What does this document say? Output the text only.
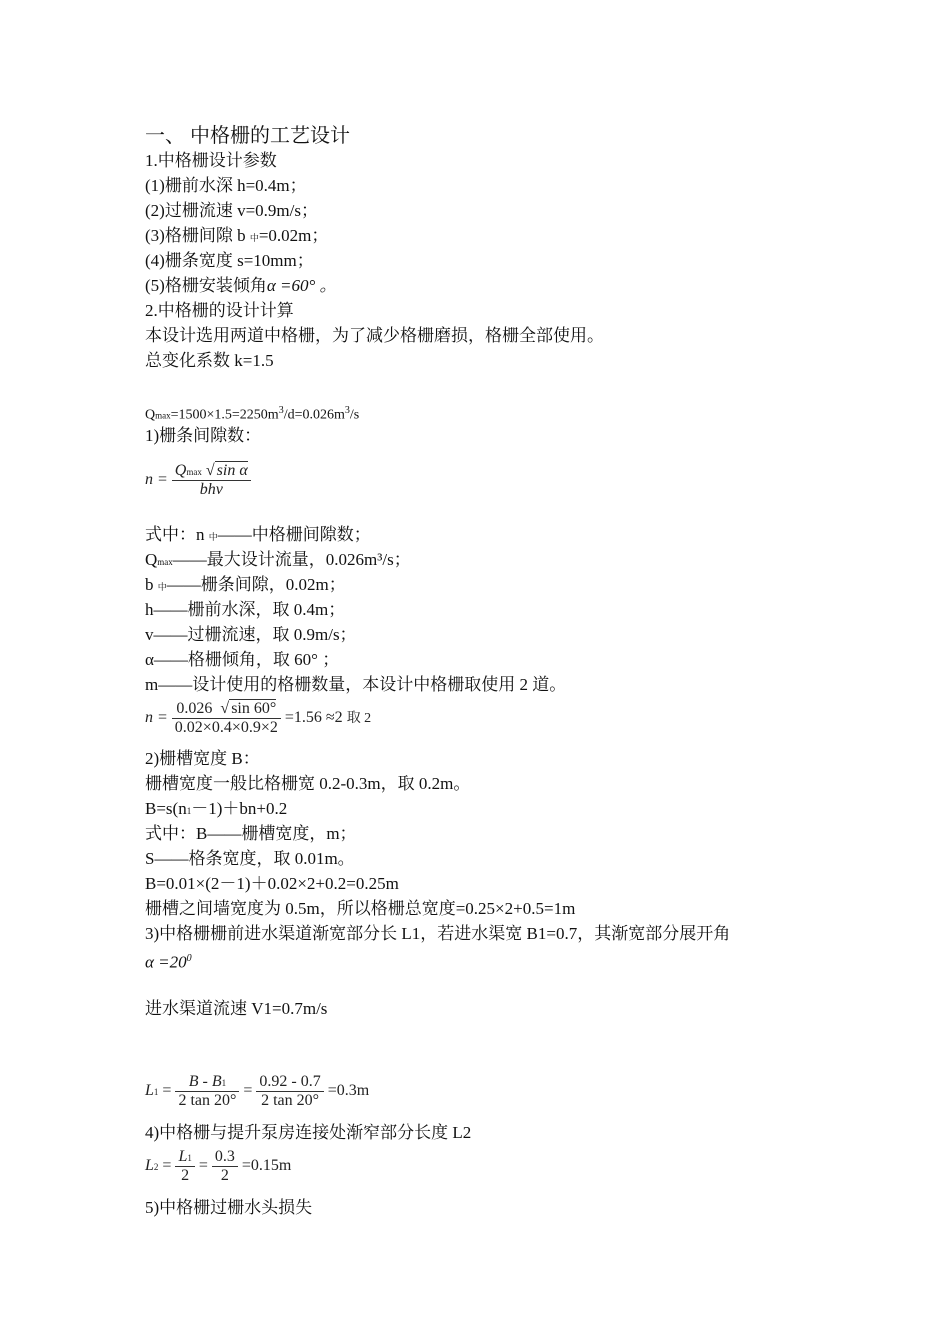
一、 中格栅的工艺设计
1.中格栅设计参数
(1)栅前水深 h=0.4m；
(2)过栅流速 v=0.9m/s；
(3)格栅间隙 b 中=0.02m；
(4)栅条宽度 s=10mm；
(5)格栅安装倾角α =60° 。
2.中格栅的设计计算
本设计选用两道中格栅，为了减少格栅磨损，格栅全部使用。
总变化系数 k=1.5
$Qmax=1500\times 1.5=2250m^3/d=0.026m^3/s$
1)栅条间隙数：
$n = \frac{\text{Qmax √ sin α}}{\text{bhv}}$
式中：n 中——中格栅间隙数；
Qmax——最大设计流量，0.026m³/s；
b 中——栅条间隙，0.02m；
h——栅前水深，取 0.4m；
v——过栅流速，取 0.9m/s；
α——格栅倾角，取 60° ；
m——设计使用的格栅数量，本设计中格栅取使用 2 道。
$n = \frac{0.026 √ \sin 60^\circ}{0.02\times 0.4\times 0.9\times 2} =1.56 \approx 2$ 取 2
2)栅槽宽度 B：
栅槽宽度一般比格栅宽 0.2-0.3m，取 0.2m。
B=s(n1－1)＋bn+0.2
式中：B——栅槽宽度，m；
S——格条宽度，取 0.01m。
B=0.01×(2－1)＋0.02×2+0.2=0.25m
栅槽之间墙宽度为 0.5m，所以格栅总宽度=0.25×2+0.5=1m
3)中格栅栅前进水渠道渐宽部分长 L1，若进水渠宽 B1=0.7，其渐宽部分展开角
$\alpha =20^0$
进水渠道流速 V1=0.7m/s
$L1 = \frac{B - B1}{2 \tan 20^\circ} = \frac{0.92 - 0.7}{2 \tan 20^\circ} =0.3m$
4)中格栅与提升泵房连接处渐窄部分长度 L2
$L2 = \frac{L1}{2} = \frac{0.3}{2} =0.15m$
5)中格栅过栅水头损失
